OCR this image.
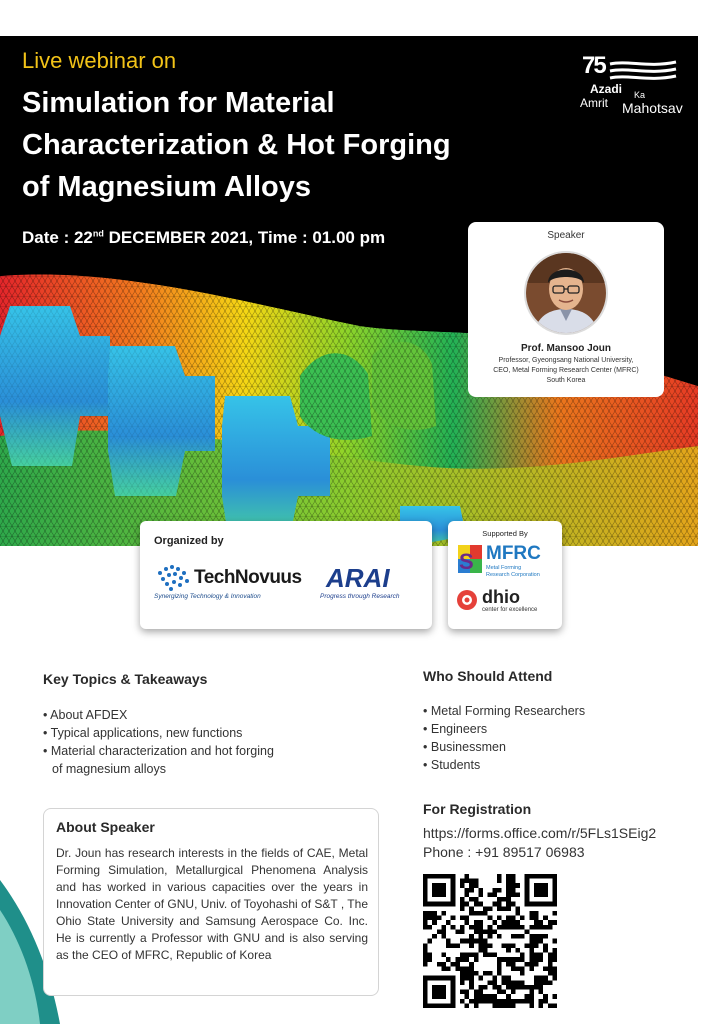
Live webinar on
Simulation for Material
Characterization & Hot Forging
of Magnesium Alloys
Date : 22nd DECEMBER 2021, Time : 01.00 pm
75
Azadi Ka
Amrit Mahotsav
Speaker
Prof. Mansoo Joun
Professor, Gyeongsang National University,
CEO, Metal Forming Research Center (MFRC)
South Korea
Organized by
TechNovuus
Synergizing Technology & Innovation
ARAI
Progress through Research
Supported By
S MFRC
Metal Forming
Research Corporation
dhio
center for excellence
Key Topics & Takeaways
• About AFDEX
• Typical applications, new functions
• Material characterization and hot forging
of magnesium alloys
Who Should Attend
• Metal Forming Researchers
• Engineers
• Businessmen
• Students
About Speaker
Dr. Joun has research interests in the fields of CAE, Metal Forming Simulation, Metallurgical Phenomena Analysis and has worked in various capacities over the years in Innovation Center of GNU, Univ. of Toyohashi of S&T , The Ohio State University and Samsung Aerospace Co. Inc. He is currently a Professor with GNU and is also serving as the CEO of MFRC, Republic of Korea
For Registration
https://forms.office.com/r/5FLs1SEig2
Phone : +91 89517 06983
